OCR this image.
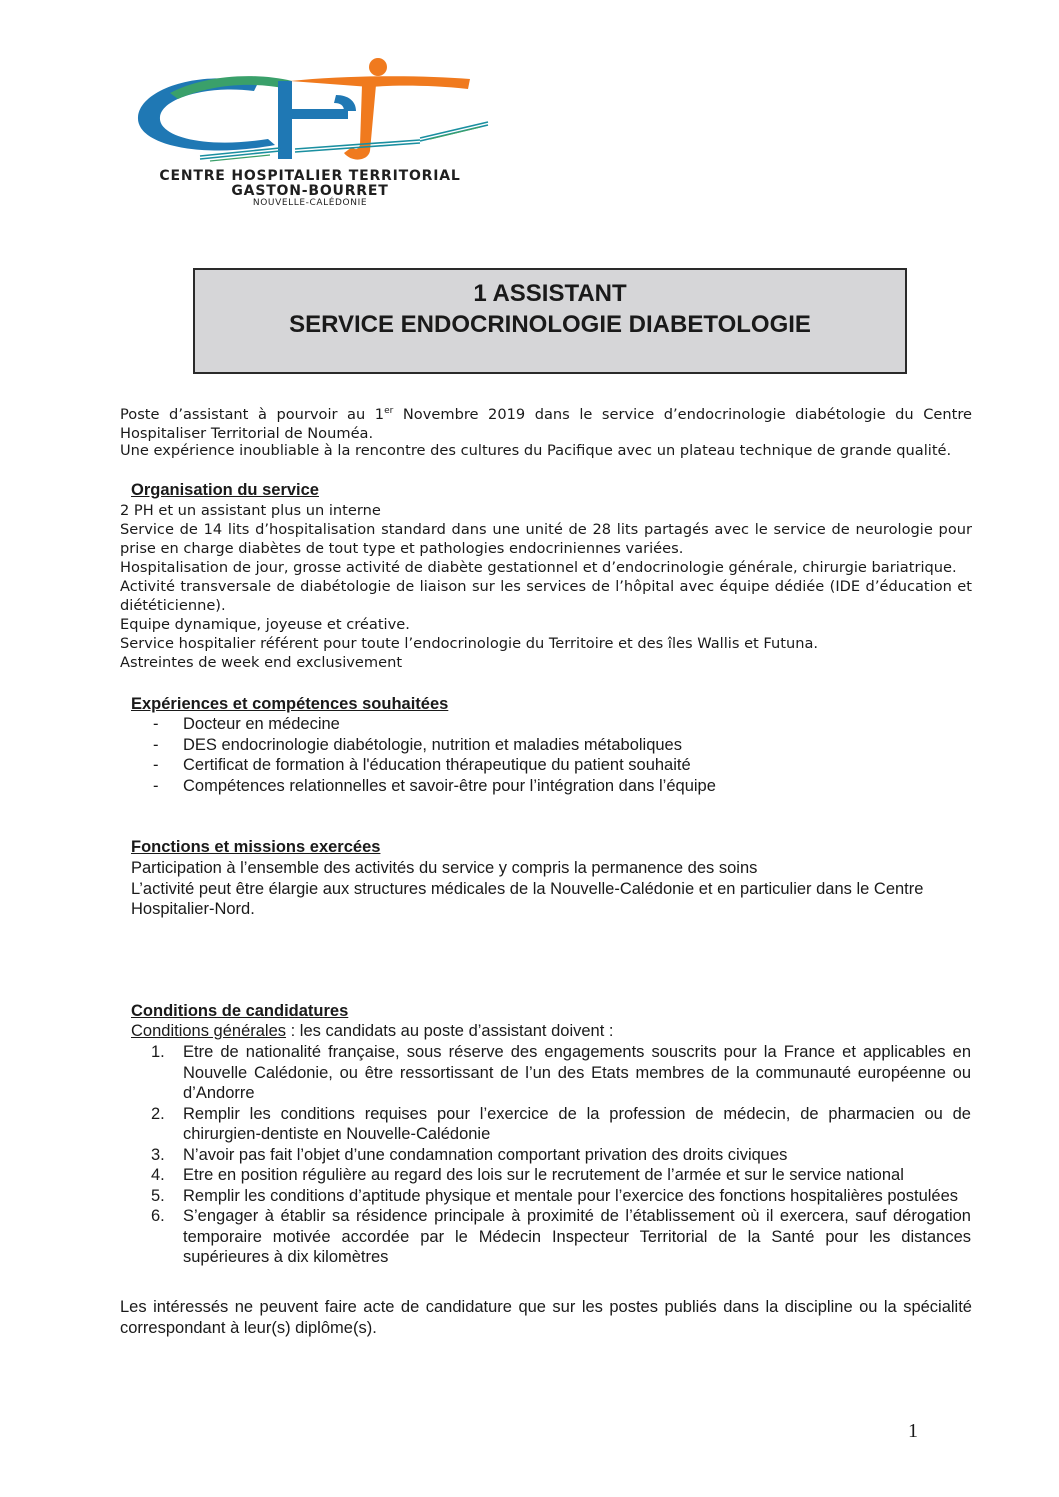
CENTRE HOSPITALIER TERRITORIAL
GASTON-BOURRET
NOUVELLE-CALÉDONIE
1 ASSISTANT
SERVICE ENDOCRINOLOGIE DIABETOLOGIE
Poste d’assistant à pourvoir au 1er Novembre 2019 dans le service d’endocrinologie diabétologie du Centre Hospitaliser Territorial de Nouméa.
Une expérience inoubliable à la rencontre des cultures du Pacifique avec un plateau technique de grande qualité.
Organisation du service
2 PH et un assistant plus un interne
Service de 14 lits d’hospitalisation standard dans une unité de 28 lits partagés avec le service de neurologie pour prise en charge diabètes de tout type et pathologies endocriniennes variées.
Hospitalisation de jour, grosse activité de diabète gestationnel et d’endocrinologie générale, chirurgie bariatrique.
Activité transversale de diabétologie de liaison sur les services de l’hôpital avec équipe dédiée (IDE d’éducation et diététicienne).
Equipe dynamique, joyeuse et créative.
Service hospitalier référent pour toute l’endocrinologie du Territoire et des îles Wallis et Futuna.
Astreintes de week end exclusivement
Expériences et compétences souhaitées
- Docteur en médecine
- DES endocrinologie diabétologie, nutrition et maladies métaboliques
- Certificat de formation à l'éducation thérapeutique du patient souhaité
- Compétences relationnelles et savoir-être pour l’intégration dans l’équipe
Fonctions et missions exercées
Participation à l’ensemble des activités du service y compris la permanence des soins
L’activité peut être élargie aux structures médicales de la Nouvelle-Calédonie et en particulier dans le Centre Hospitalier-Nord.
Conditions de candidatures
Conditions générales : les candidats au poste d’assistant doivent :
1. Etre de nationalité française, sous réserve des engagements souscrits pour la France et applicables en Nouvelle Calédonie, ou être ressortissant de l’un des Etats membres de la communauté européenne ou d’Andorre
2. Remplir les conditions requises pour l’exercice de la profession de médecin, de pharmacien ou de chirurgien-dentiste en Nouvelle-Calédonie
3. N’avoir pas fait l’objet d’une condamnation comportant privation des droits civiques
4. Etre en position régulière au regard des lois sur le recrutement de l’armée et sur le service national
5. Remplir les conditions d’aptitude physique et mentale pour l’exercice des fonctions hospitalières postulées
6. S’engager à établir sa résidence principale à proximité de l’établissement où il exercera, sauf dérogation temporaire motivée accordée par le Médecin Inspecteur Territorial de la Santé pour les distances supérieures à dix kilomètres
Les intéressés ne peuvent faire acte de candidature que sur les postes publiés dans la discipline ou la spécialité correspondant à leur(s) diplôme(s).
1
